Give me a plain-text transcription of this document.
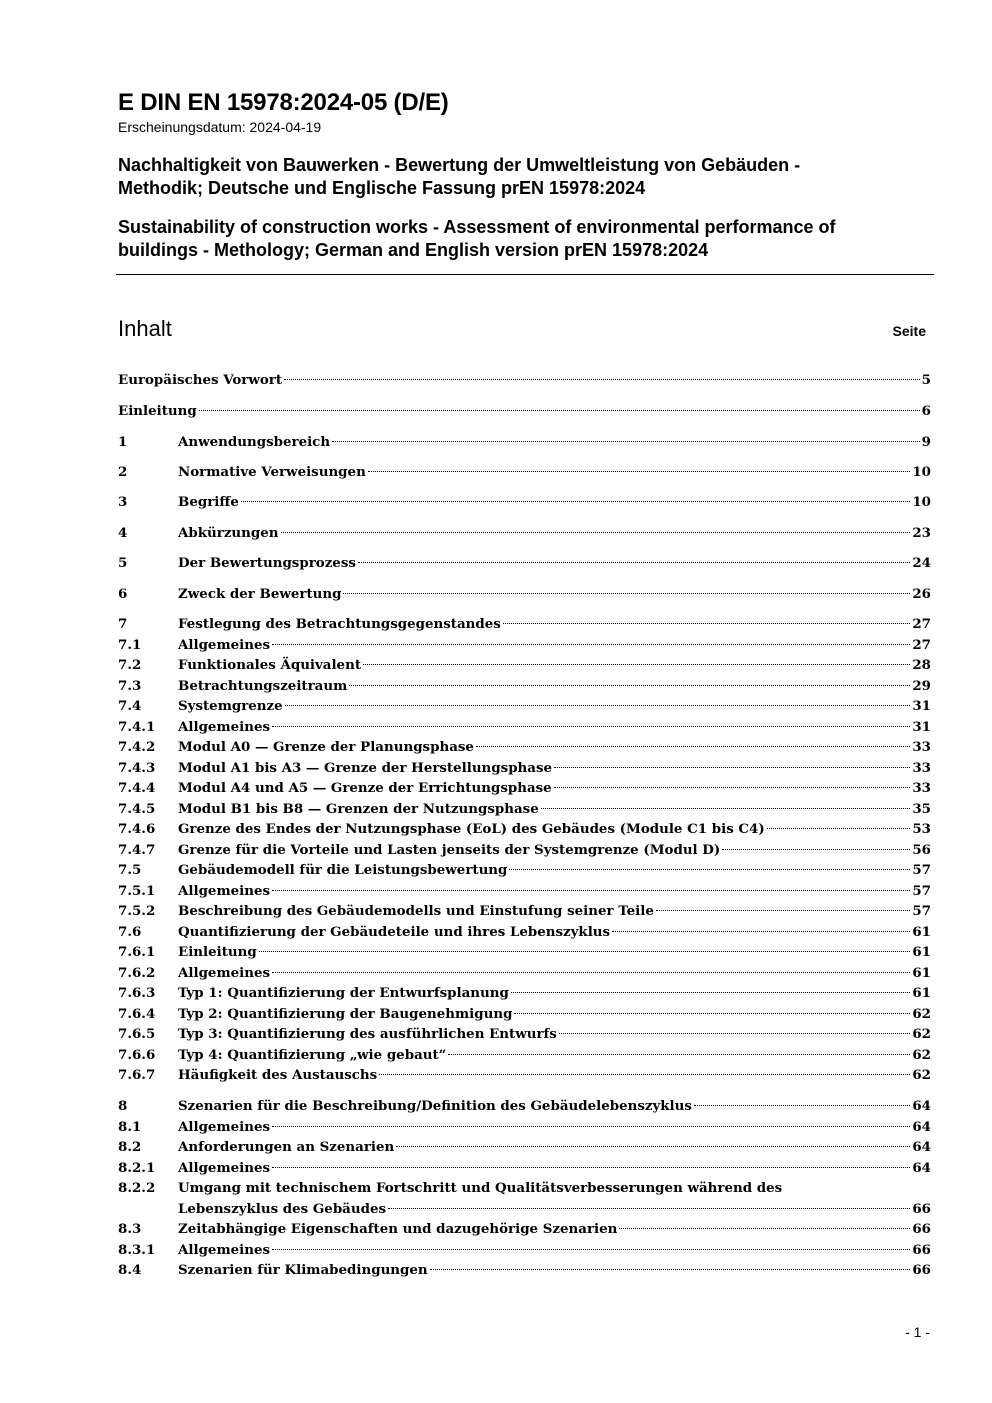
E DIN EN 15978:2024-05 (D/E)

Erscheinungsdatum: 2024-04-19

Nachhaltigkeit von Bauwerken - Bewertung der Umweltleistung von Gebäuden -
Methodik; Deutsche und Englische Fassung prEN 15978:2024

Sustainability of construction works - Assessment of environmental performance of
buildings - Methology; German and English version prEN 15978:2024

Inhalt	Seite
Europäisches Vorwort	5
Einleitung	6
1	Anwendungsbereich	9
2	Normative Verweisungen	10
3	Begriffe	10
4	Abkürzungen	23
5	Der Bewertungsprozess	24
6	Zweck der Bewertung	26
7	Festlegung des Betrachtungsgegenstandes	27
7.1	Allgemeines	27
7.2	Funktionales Äquivalent	28
7.3	Betrachtungszeitraum	29
7.4	Systemgrenze	31
7.4.1 Allgemeines	31
7.4.2 Modul A0 — Grenze der Planungsphase	33
7.4.3 Modul A1 bis A3 — Grenze der Herstellungsphase	33
7.4.4 Modul A4 und A5 — Grenze der Errichtungsphase	33
7.4.5 Modul B1 bis B8 — Grenzen der Nutzungsphase	35
7.4.6 Grenze des Endes der Nutzungsphase (EoL) des Gebäudes (Module C1 bis C4)	53
7.4.7 Grenze für die Vorteile und Lasten jenseits der Systemgrenze (Modul D)	56
7.5	Gebäudemodell für die Leistungsbewertung	57
7.5.1 Allgemeines	57
7.5.2 Beschreibung des Gebäudemodells und Einstufung seiner Teile	57
7.6	Quantifizierung der Gebäudeteile und ihres Lebenszyklus	61
7.6.1 Einleitung	61
7.6.2 Allgemeines	61
7.6.3 Typ 1: Quantifizierung der Entwurfsplanung	61
7.6.4 Typ 2: Quantifizierung der Baugenehmigung	62
7.6.5 Typ 3: Quantifizierung des ausführlichen Entwurfs	62
7.6.6 Typ 4: Quantifizierung „wie gebaut“	62
7.6.7 Häufigkeit des Austauschs	62
8	Szenarien für die Beschreibung/Definition des Gebäudelebenszyklus	64
8.1	Allgemeines	64
8.2	Anforderungen an Szenarien	64
8.2.1 Allgemeines	64
8.2.2 Umgang mit technischem Fortschritt und Qualitätsverbesserungen während des
Lebenszyklus des Gebäudes	66
8.3	Zeitabhängige Eigenschaften und dazugehörige Szenarien	66
8.3.1 Allgemeines	66
8.4	Szenarien für Klimabedingungen	66
- 1 -
